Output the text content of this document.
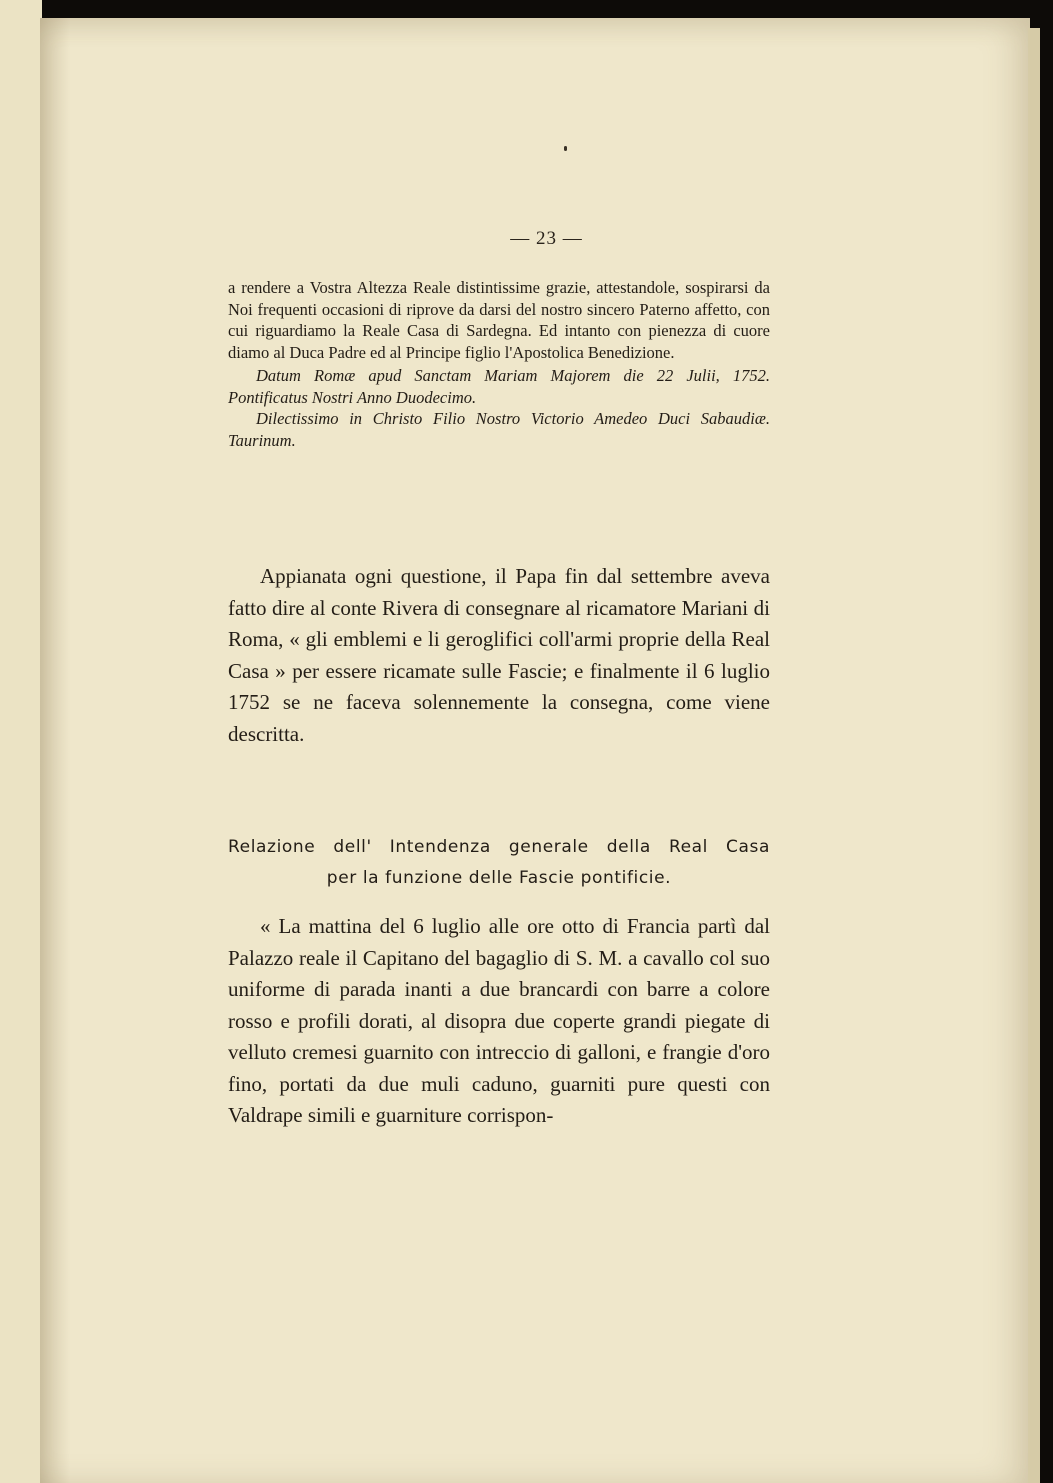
— 23 —

a rendere a Vostra Altezza Reale distintissime grazie, attestandole, sospirarsi da Noi frequenti occasioni di riprove da darsi del nostro sincero Paterno affetto, con cui riguardiamo la Reale Casa di Sardegna. Ed intanto con pienezza di cuore diamo al Duca Padre ed al Principe figlio l'Apostolica Benedizione.

Datum Romæ apud Sanctam Mariam Majorem die 22 Julii, 1752. Pontificatus Nostri Anno Duodecimo.

Dilectissimo in Christo Filio Nostro Victorio Amedeo Duci Sabaudiæ. Taurinum.

Appianata ogni questione, il Papa fin dal settembre aveva fatto dire al conte Rivera di consegnare al ricamatore Mariani di Roma, « gli emblemi e li geroglifici coll'armi proprie della Real Casa » per essere ricamate sulle Fascie; e finalmente il 6 luglio 1752 se ne faceva solennemente la consegna, come viene descritta.

Relazione dell' Intendenza generale della Real Casa
per la funzione delle Fascie pontificie.

« La mattina del 6 luglio alle ore otto di Francia partì dal Palazzo reale il Capitano del bagaglio di S. M. a cavallo col suo uniforme di parada inanti a due brancardi con barre a colore rosso e profili dorati, al disopra due coperte grandi piegate di velluto cremesi guarnito con intreccio di galloni, e frangie d'oro fino, portati da due muli caduno, guarniti pure questi con Valdrape simili e guarniture corrispon-
